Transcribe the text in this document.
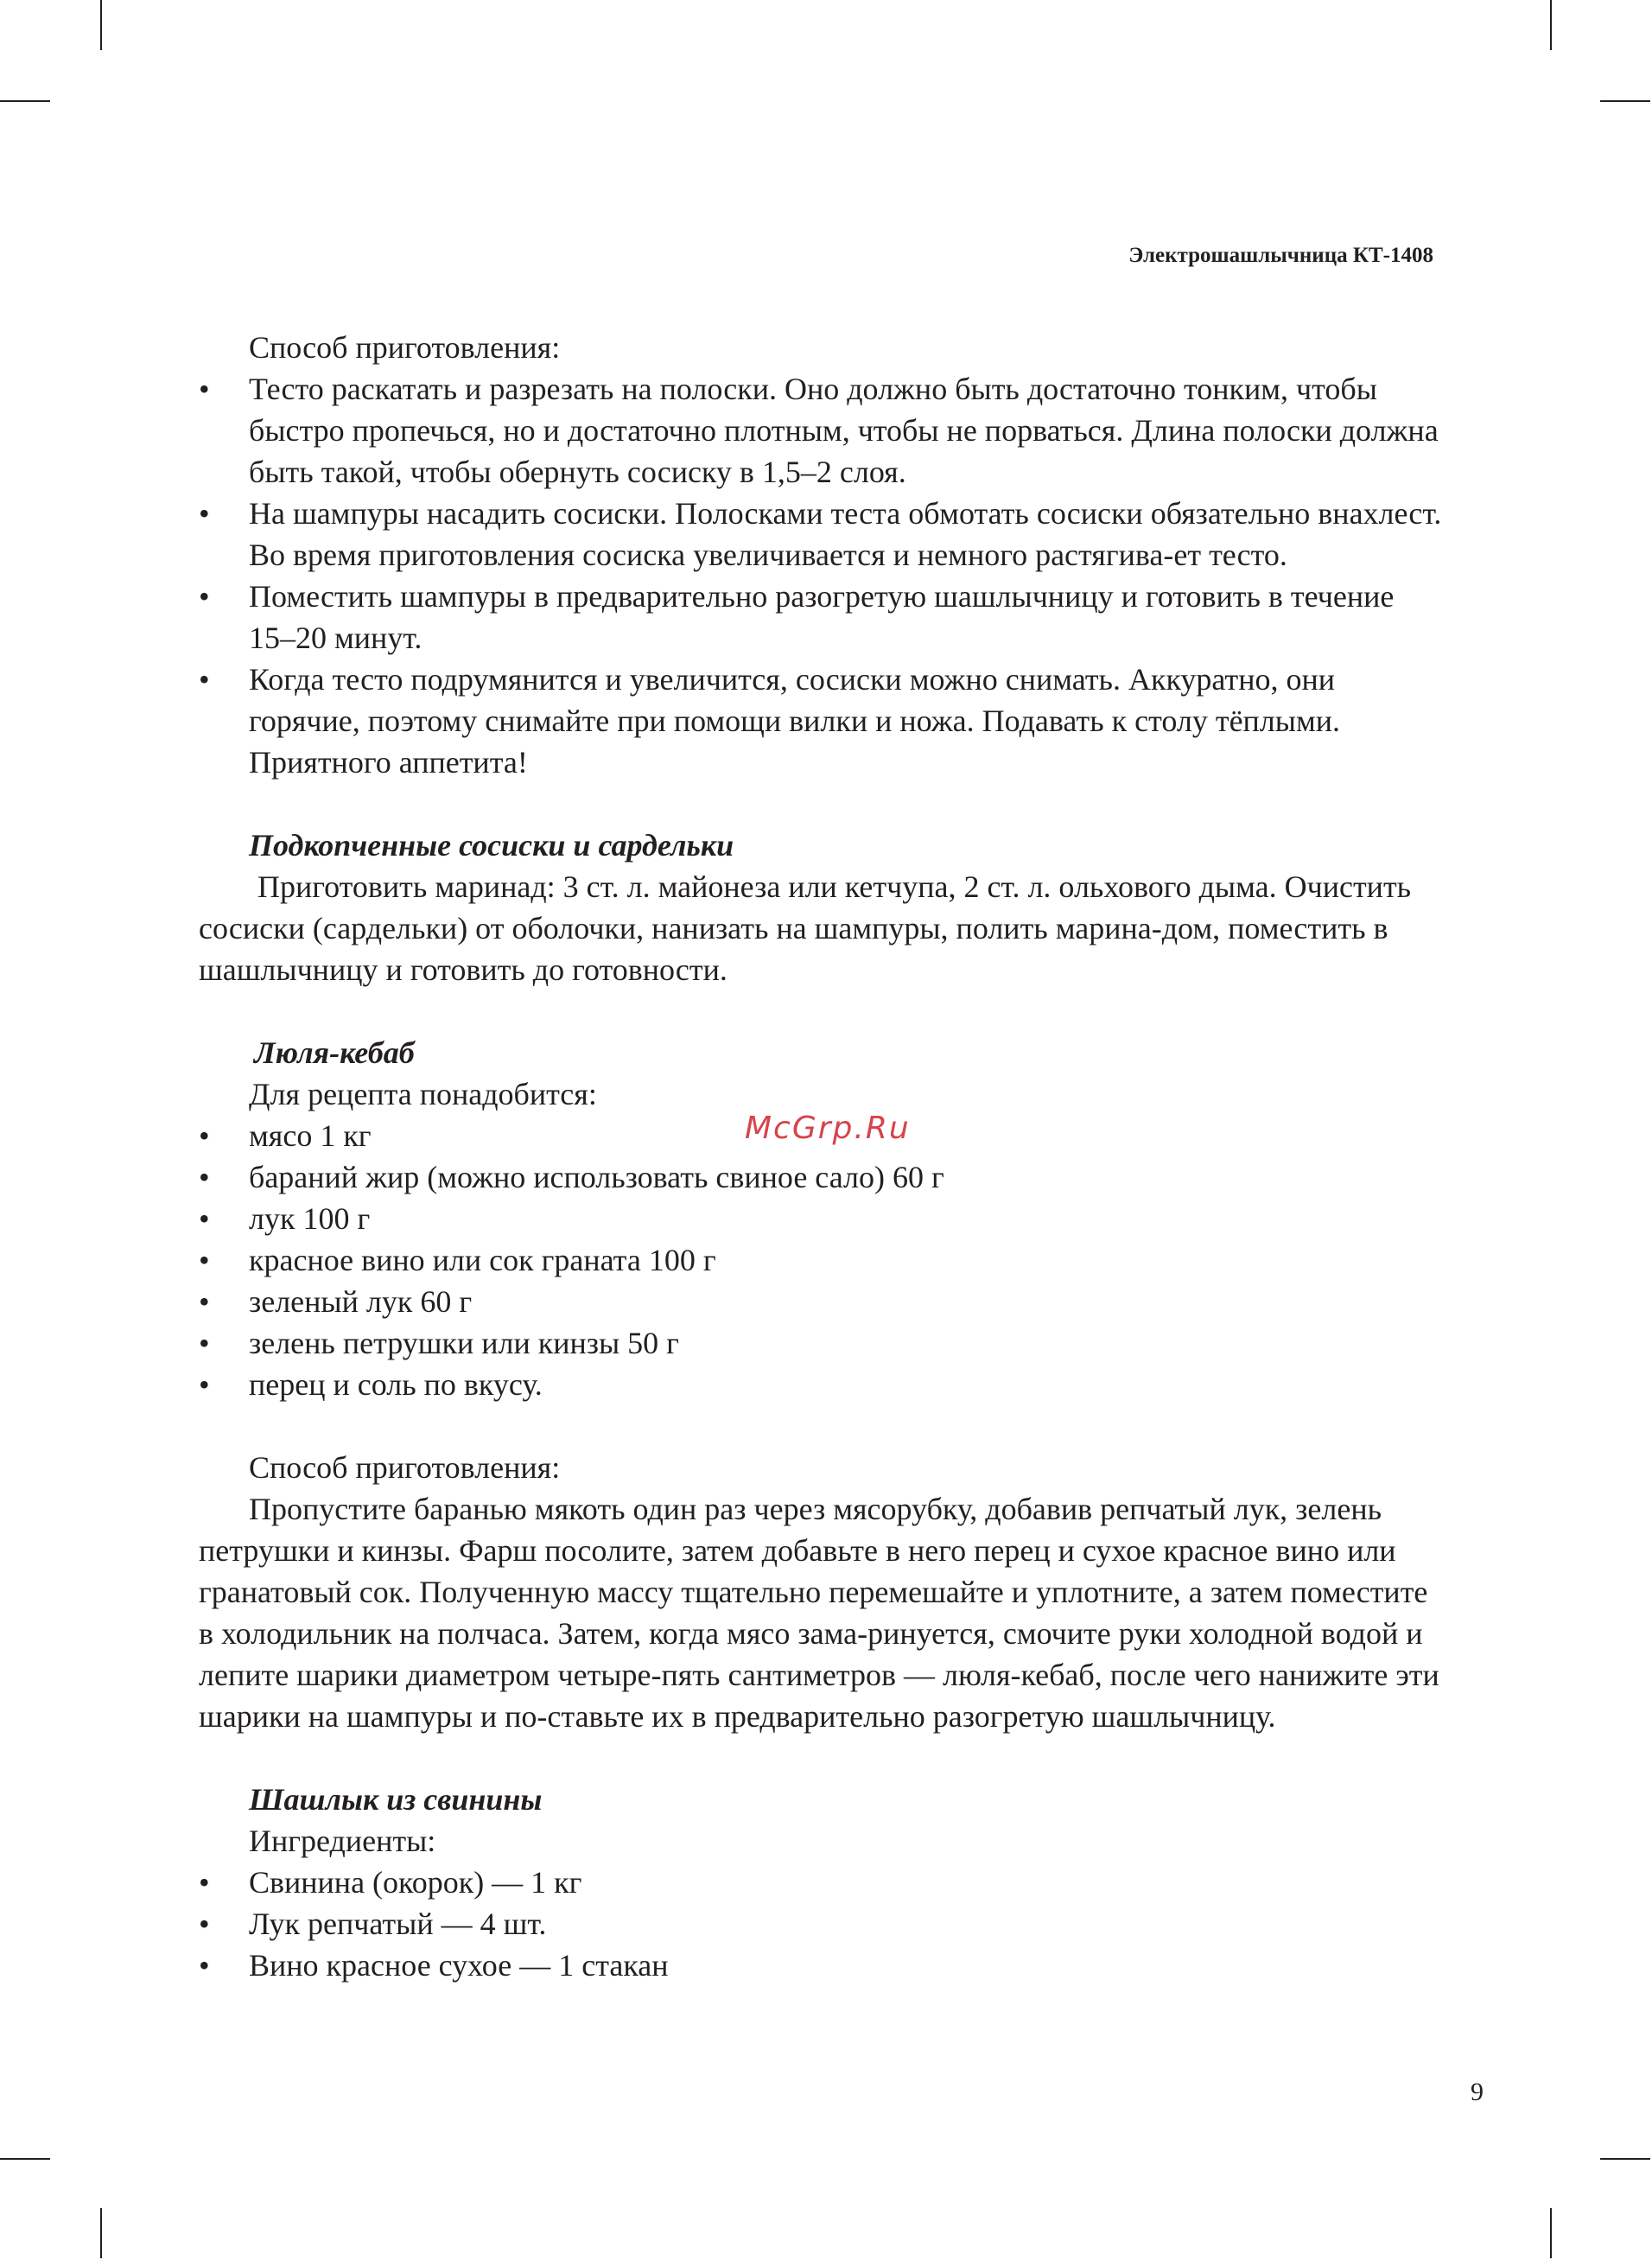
Электрошашлычница КТ-1408
McGrp.Ru

Способ приготовления:

• Тесто раскатать и разрезать на полоски. Оно должно быть достаточно тонким, чтобы быстро пропечься, но и достаточно плотным, чтобы не порваться. Длина полоски должна быть такой, чтобы обернуть сосиску в 1,5–2 слоя.
• На шампуры насадить сосиски. Полосками теста обмотать сосиски обязательно внахлест. Во время приготовления сосиска увеличивается и немного растягива-ет тесто.
• Поместить шампуры в предварительно разогретую шашлычницу и готовить в течение 15–20 минут.
• Когда тесто подрумянится и увеличится, сосиски можно снимать. Аккуратно, они горячие, поэтому снимайте при помощи вилки и ножа. Подавать к столу тёплыми. Приятного аппетита!

Подкопченные сосиски и сардельки

Приготовить маринад: 3 ст. л. майонеза или кетчупа, 2 ст. л. ольхового дыма. Очистить сосиски (сардельки) от оболочки, нанизать на шампуры, полить марина-дом, поместить в шашлычницу и готовить до готовности.

Люля-кебаб

Для рецепта понадобится:

• мясо 1 кг
• бараний жир (можно использовать свиное сало) 60 г
• лук 100 г
• красное вино или сок граната 100 г
• зеленый лук 60 г
• зелень петрушки или кинзы 50 г
• перец и соль по вкусу.

Способ приготовления:

Пропустите баранью мякоть один раз через мясорубку, добавив репчатый лук, зелень петрушки и кинзы. Фарш посолите, затем добавьте в него перец и сухое красное вино или гранатовый сок. Полученную массу тщательно перемешайте и уплотните, а затем поместите в холодильник на полчаса. Затем, когда мясо зама-ринуется, смочите руки холодной водой и лепите шарики диаметром четыре-пять сантиметров — люля-кебаб, после чего нанижите эти шарики на шампуры и по-ставьте их в предварительно разогретую шашлычницу.

Шашлык из свинины

Ингредиенты:

• Свинина (окорок) — 1 кг
• Лук репчатый — 4 шт.
• Вино красное сухое — 1 стакан
9
